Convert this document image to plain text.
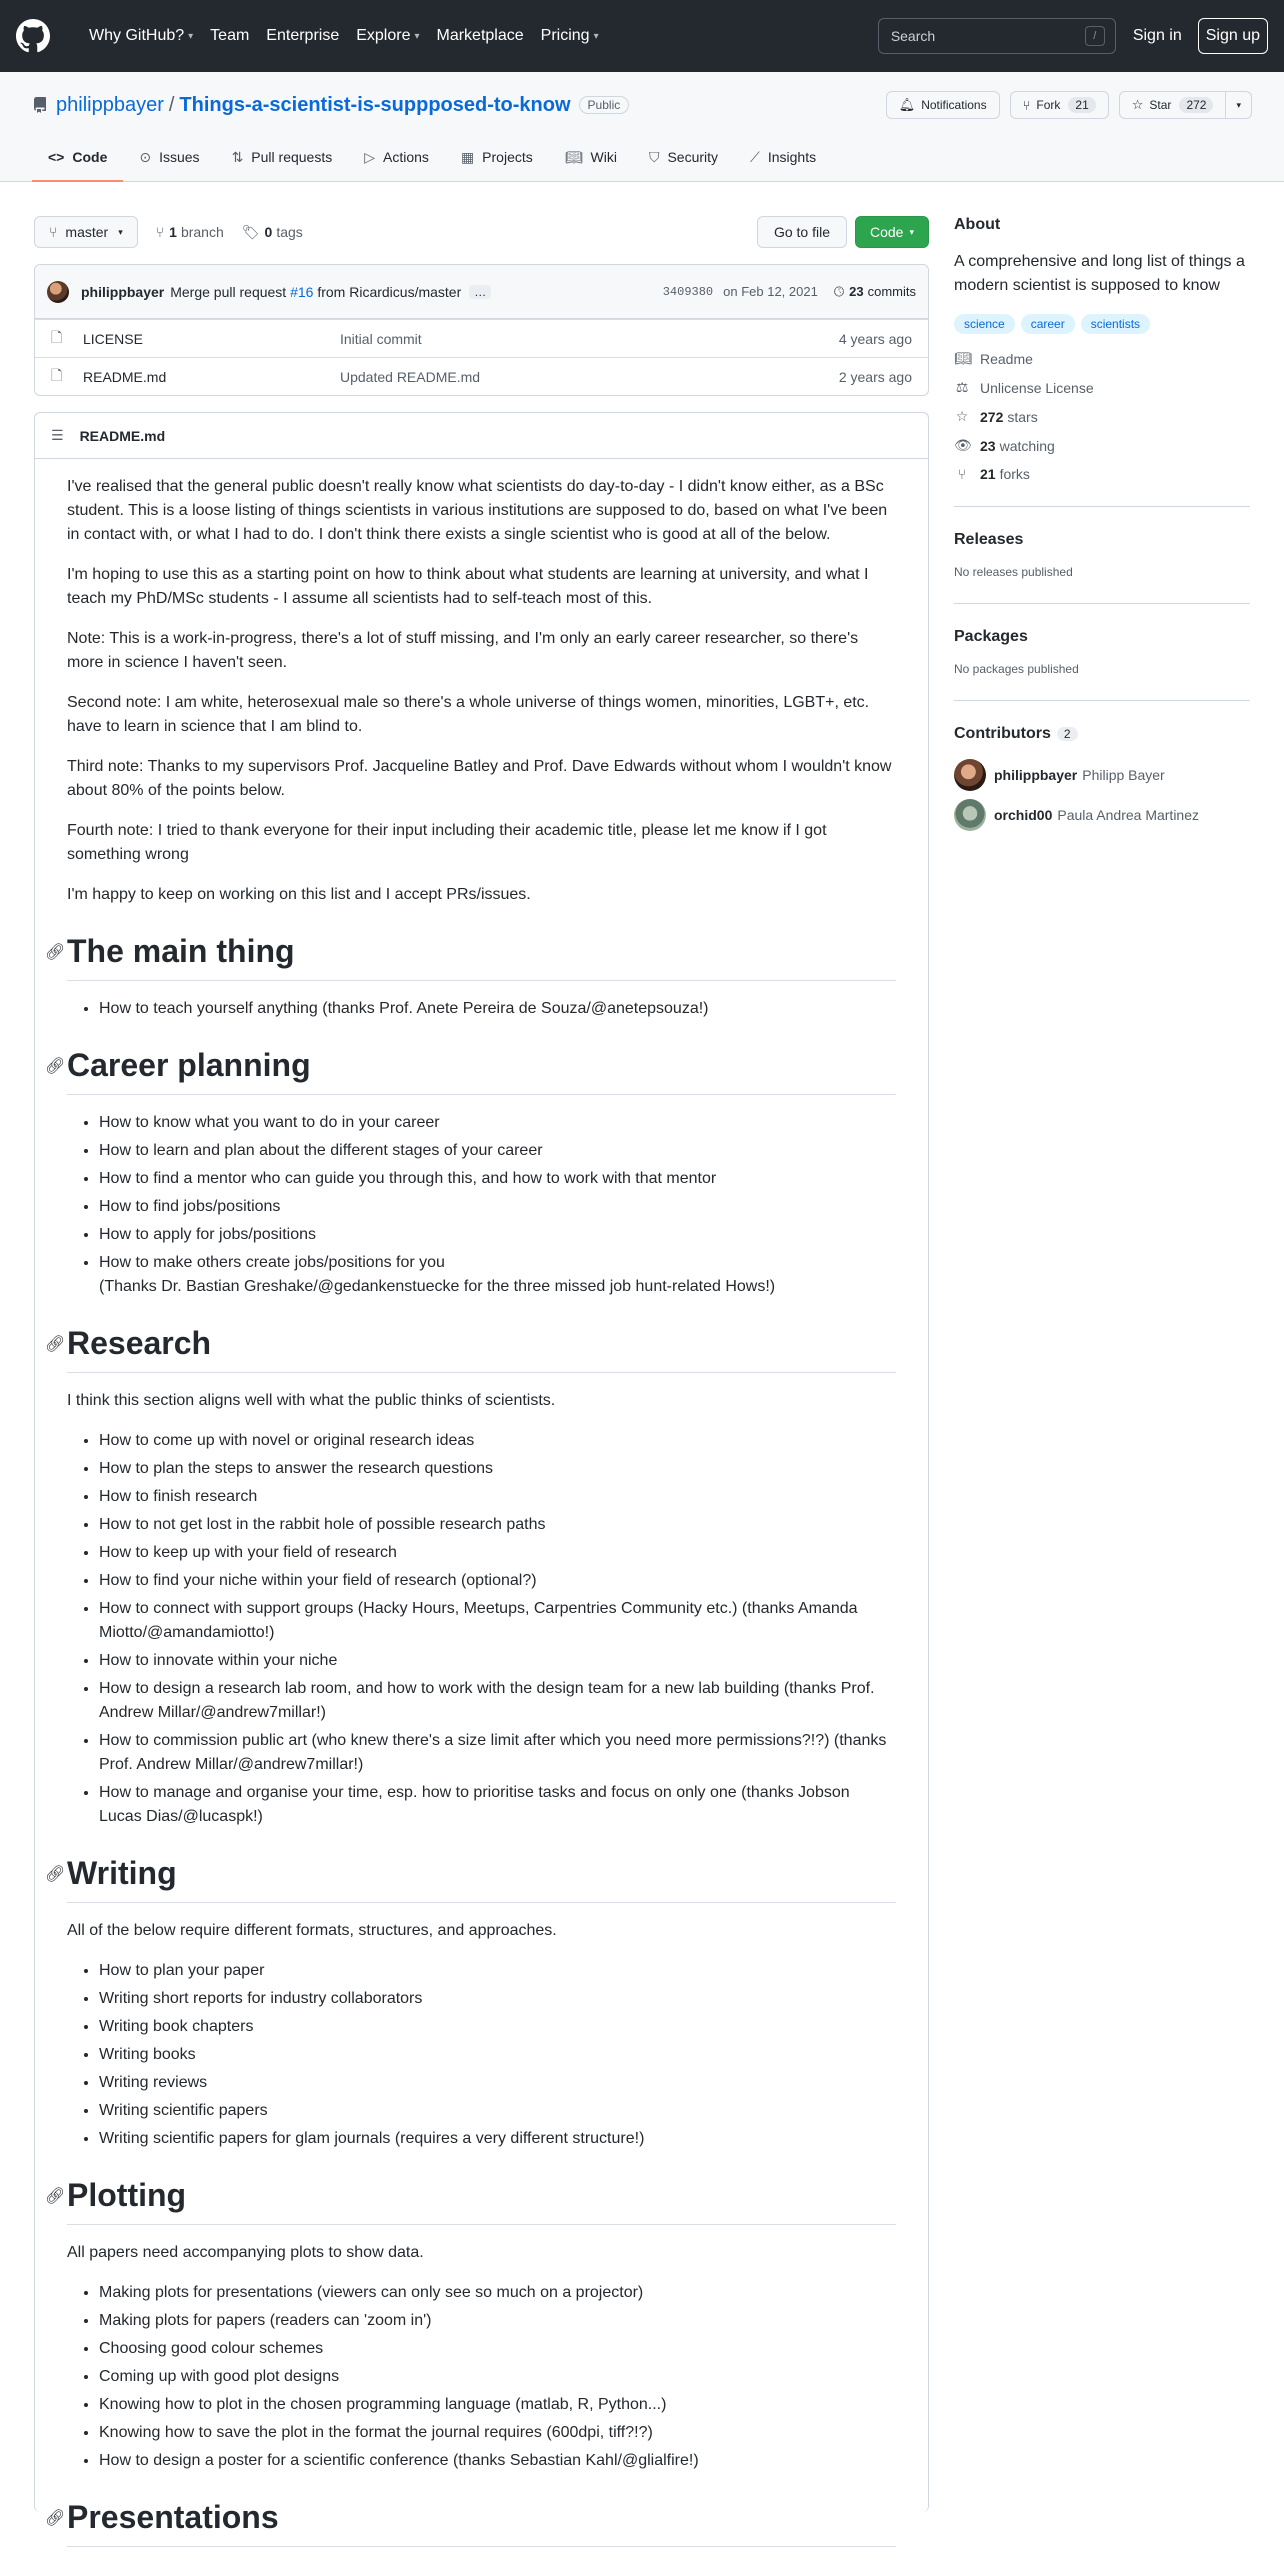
Why GitHub? ▾ Team Enterprise Explore ▾ Marketplace Pricing ▾	Search	/	Sign in	Sign up
philippbayer / Things-a-scientist-is-suppposed-to-know	Public	🔔︎ Notifications	⑂ Fork	21	☆ Star	272	▾
<> Code ⊙ Issues ⇅ Pull requests ▷ Actions ▦ Projects 📖︎ Wiki ⛉ Security ⟋ Insights
⑂ master ▾ ⑂ 1 branch 🏷︎ 0 tags	Go to file	Code ▾
philippbayer Merge pull request #16 from Ricardicus/master	…	3409380 on Feb 12, 2021 🕓︎ 23 commits
🗋	LICENSE	Initial commit	4 years ago
🗋	README.md	Updated README.md	2 years ago
☰ README.md

I've realised that the general public doesn't really know what scientists do day-to-day - I didn't know either, as a BSc student. This is a loose listing of things scientists in various institutions are supposed to do, based on what I've been in contact with, or what I had to do. I don't think there exists a single scientist who is good at all of the below.

I'm hoping to use this as a starting point on how to think about what students are learning at university, and what I teach my PhD/MSc students - I assume all scientists had to self-teach most of this.

Note: This is a work-in-progress, there's a lot of stuff missing, and I'm only an early career researcher, so there's more in science I haven't seen.

Second note: I am white, heterosexual male so there's a whole universe of things women, minorities, LGBT+, etc. have to learn in science that I am blind to.

Third note: Thanks to my supervisors Prof. Jacqueline Batley and Prof. Dave Edwards without whom I wouldn't know about 80% of the points below.

Fourth note: I tried to thank everyone for their input including their academic title, please let me know if I got something wrong

I'm happy to keep on working on this list and I accept PRs/issues.

🔗︎ The main thing
• How to teach yourself anything (thanks Prof. Anete Pereira de Souza/@anetepsouza!)
🔗︎ Career planning
• How to know what you want to do in your career
• How to learn and plan about the different stages of your career
• How to find a mentor who can guide you through this, and how to work with that mentor
• How to find jobs/positions
• How to apply for jobs/positions
• How to make others create jobs/positions for you
(Thanks Dr. Bastian Greshake/@gedankenstuecke for the three missed job hunt-related Hows!)
🔗︎ Research

I think this section aligns well with what the public thinks of scientists.

• How to come up with novel or original research ideas
• How to plan the steps to answer the research questions
• How to finish research
• How to not get lost in the rabbit hole of possible research paths
• How to keep up with your field of research
• How to find your niche within your field of research (optional?)
• How to connect with support groups (Hacky Hours, Meetups, Carpentries Community etc.) (thanks Amanda Miotto/@amandamiotto!)
• How to innovate within your niche
• How to design a research lab room, and how to work with the design team for a new lab building (thanks Prof. Andrew Millar/@andrew7millar!)
• How to commission public art (who knew there's a size limit after which you need more permissions?!?) (thanks Prof. Andrew Millar/@andrew7millar!)
• How to manage and organise your time, esp. how to prioritise tasks and focus on only one (thanks Jobson Lucas Dias/@lucaspk!)
🔗︎ Writing

All of the below require different formats, structures, and approaches.

• How to plan your paper
• Writing short reports for industry collaborators
• Writing book chapters
• Writing books
• Writing reviews
• Writing scientific papers
• Writing scientific papers for glam journals (requires a very different structure!)
🔗︎ Plotting

All papers need accompanying plots to show data.

• Making plots for presentations (viewers can only see so much on a projector)
• Making plots for papers (readers can 'zoom in')
• Choosing good colour schemes
• Coming up with good plot designs
• Knowing how to plot in the chosen programming language (matlab, R, Python...)
• Knowing how to save the plot in the format the journal requires (600dpi, tiff?!?)
• How to design a poster for a scientific conference (thanks Sebastian Kahl/@glialfire!)
🔗︎ Presentations
About

A comprehensive and long list of things a modern scientist is supposed to know

science	career	scientists
📖︎ Readme
⚖ Unlicense License
☆ 272 stars
👁︎ 23 watching
⑂ 21 forks
Releases
No releases published
Packages
No packages published
Contributors 2
philippbayer Philipp Bayer
orchid00 Paula Andrea Martinez
